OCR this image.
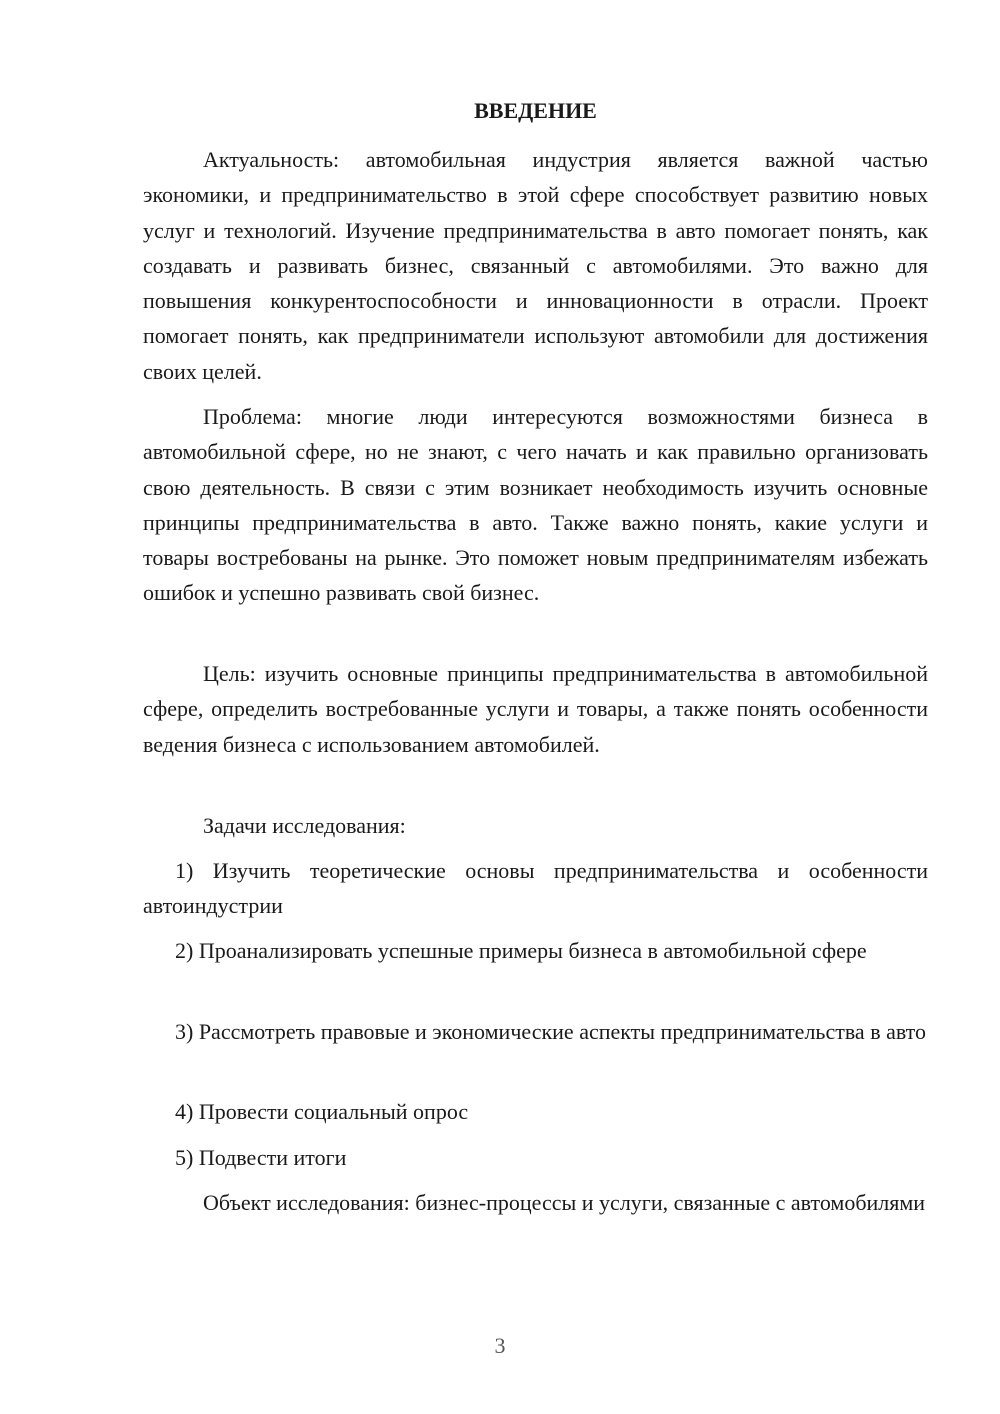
ВВЕДЕНИЕ

Актуальность: автомобильная индустрия является важной частью экономики, и предпринимательство в этой сфере способствует развитию новых услуг и технологий. Изучение предпринимательства в авто помогает понять, как создавать и развивать бизнес, связанный с автомобилями. Это важно для повышения конкурентоспособности и инновационности в отрасли. Проект помогает понять, как предприниматели используют автомобили для достижения своих целей.

Проблема: многие люди интересуются возможностями бизнеса в автомобильной сфере, но не знают, с чего начать и как правильно организовать свою деятельность. В связи с этим возникает необходимость изучить основные принципы предпринимательства в авто. Также важно понять, какие услуги и товары востребованы на рынке. Это поможет новым предпринимателям избежать ошибок и успешно развивать свой бизнес.

Цель: изучить основные принципы предпринимательства в автомобильной сфере, определить востребованные услуги и товары, а также понять особенности ведения бизнеса с использованием автомобилей.

Задачи исследования:

1) Изучить теоретические основы предпринимательства и особенности автоиндустрии

2) Проанализировать успешные примеры бизнеса в автомобильной сфере

3) Рассмотреть правовые и экономические аспекты предпринимательства в авто

4) Провести социальный опрос

5) Подвести итоги

Объект исследования: бизнес-процессы и услуги, связанные с автомобилями

3
